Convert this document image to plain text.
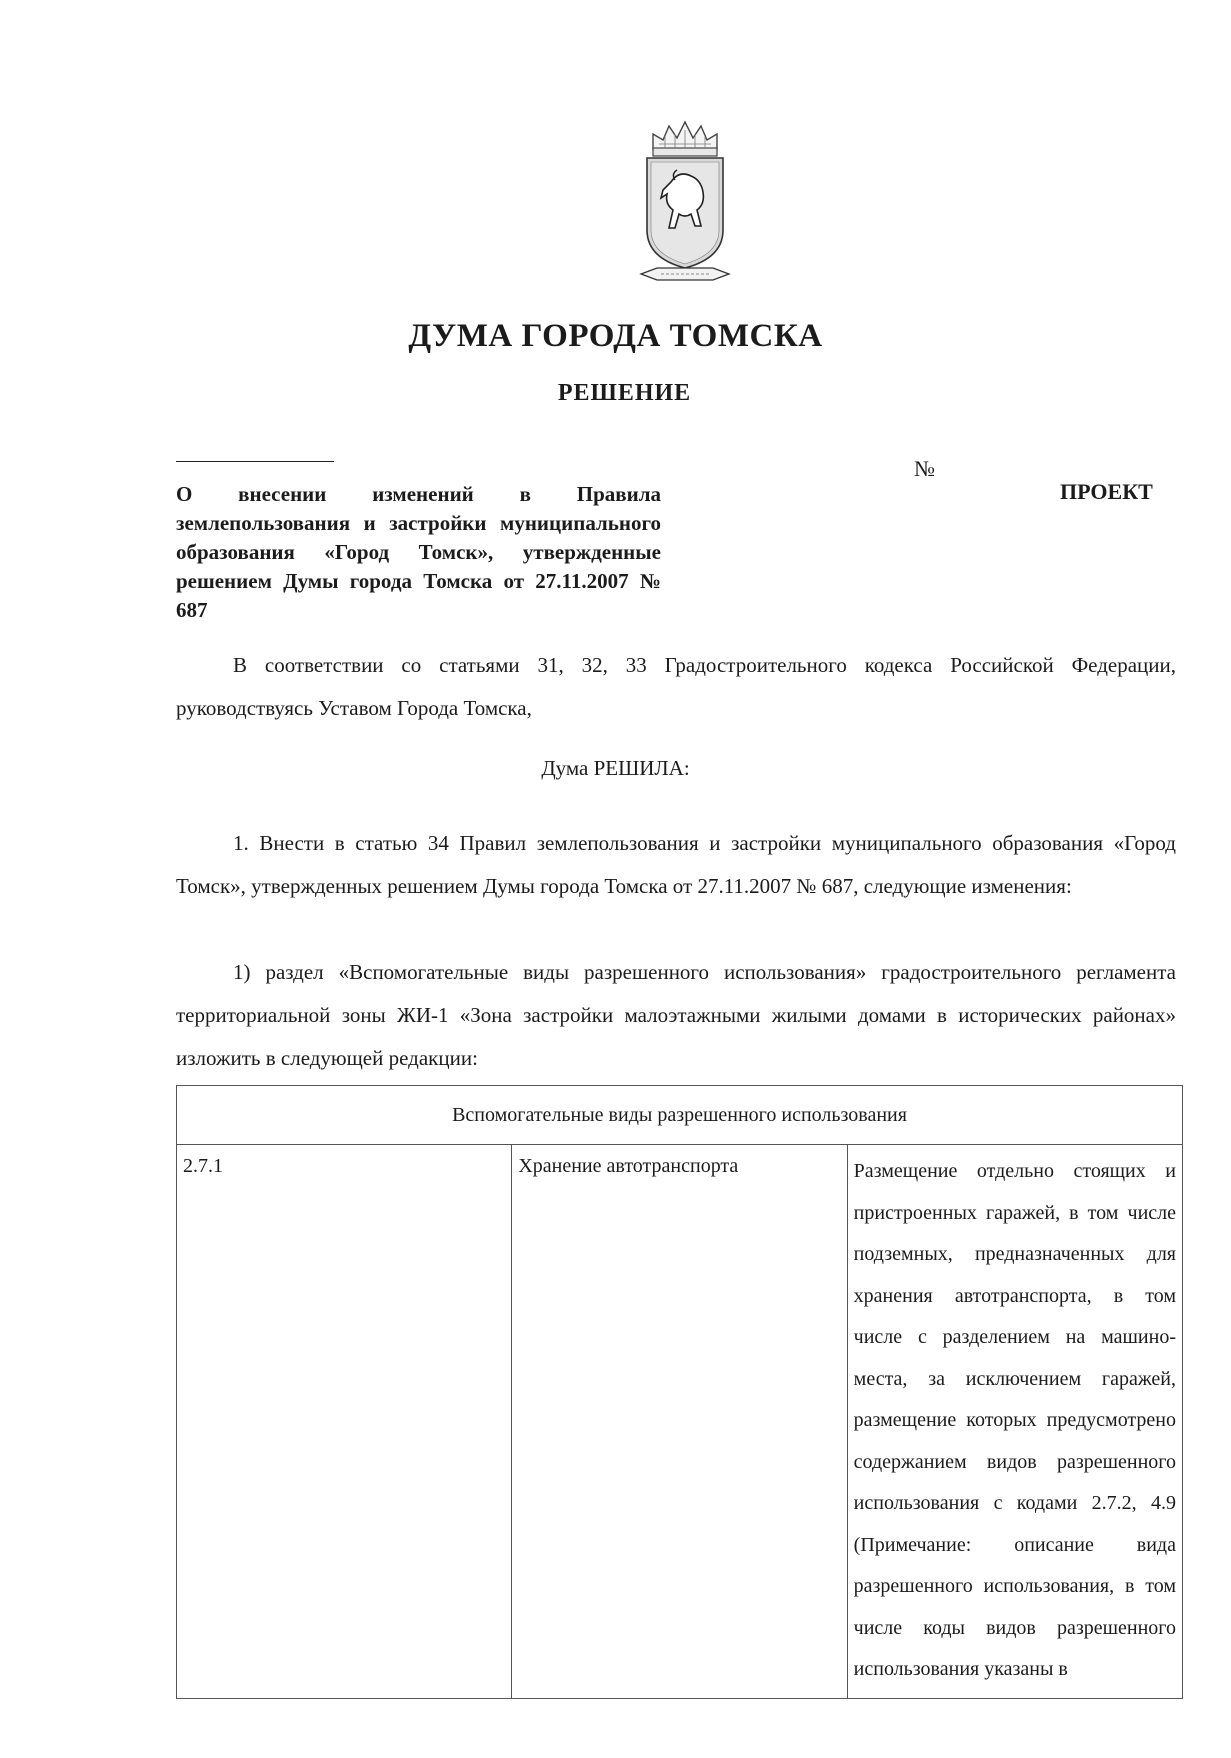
ДУМА ГОРОДА ТОМСКА
РЕШЕНИЕ
№
ПРОЕКТ
О внесении изменений в Правила землепользования и застройки муниципального образования «Город Томск», утвержденные решением Думы города Томска от 27.11.2007 № 687
В соответствии со статьями 31, 32, 33 Градостроительного кодекса Российской Федерации, руководствуясь Уставом Города Томска,
Дума РЕШИЛА:
1. Внести в статью 34 Правил землепользования и застройки муниципального образования «Город Томск», утвержденных решением Думы города Томска от 27.11.2007 № 687, следующие изменения:
1) раздел «Вспомогательные виды разрешенного использования» градостроительного регламента территориальной зоны ЖИ-1 «Зона застройки малоэтажными жилыми домами в исторических районах» изложить в следующей редакции:
Вспомогательные виды разрешенного использования
2.7.1	Хранение автотранспорта	Размещение отдельно стоящих и пристроенных гаражей, в том числе подземных, предназначенных для хранения автотранспорта, в том числе с разделением на машино-места, за исключением гаражей, размещение которых предусмотрено содержанием видов разрешенного использования с кодами 2.7.2, 4.9 (Примечание: описание вида разрешенного использования, в том числе коды видов разрешенного использования указаны в
